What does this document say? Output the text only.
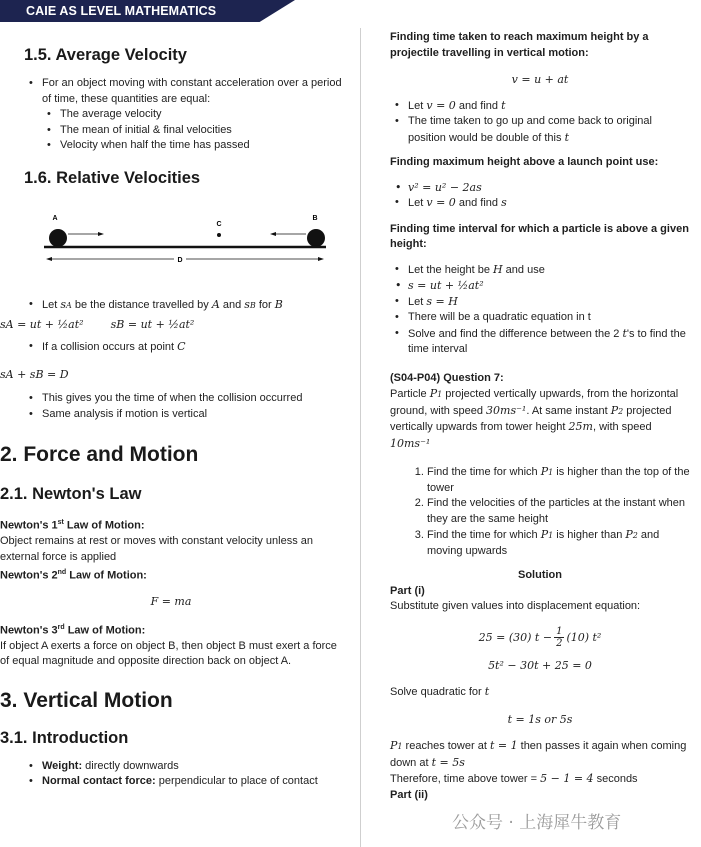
CAIE AS LEVEL MATHEMATICS
1.5. Average Velocity
• For an object moving with constant acceleration over a period of time, these quantities are equal:
• The average velocity
• The mean of initial & final velocities
• Velocity when half the time has passed
1.6. Relative Velocities
A	B
C
D
• Let sA be the distance travelled by A and sB for B
sA = ut + ½at² sB = ut + ½at²
• If a collision occurs at point C
sA + sB = D
• This gives you the time of when the collision occurred
• Same analysis if motion is vertical
2. Force and Motion
2.1. Newton's Law

Newton's 1st Law of Motion:

Object remains at rest or moves with constant velocity unless an external force is applied

Newton's 2nd Law of Motion:

F = ma

Newton's 3rd Law of Motion:

If object A exerts a force on object B, then object B must exert a force of equal magnitude and opposite direction back on object A.

3. Vertical Motion
3.1. Introduction
• Weight: directly downwards
• Normal contact force: perpendicular to place of contact

Finding time taken to reach maximum height by a projectile travelling in vertical motion:

v = u + at

• Let v = 0 and find t
• The time taken to go up and come back to original position would be double of this t

Finding maximum height above a launch point use:

• v² = u² − 2as
• Let v = 0 and find s

Finding time interval for which a particle is above a given height:

• Let the height be H and use
• s = ut + ½at²
• Let s = H
• There will be a quadratic equation in t
• Solve and find the difference between the 2 t's to find the time interval

(S04-P04) Question 7:

Particle P1 projected vertically upwards, from the horizontal ground, with speed 30ms⁻¹. At same instant P2 projected vertically upwards from tower height 25m, with speed 10ms⁻¹

1. Find the time for which P1 is higher than the top of the tower
2. Find the velocities of the particles at the instant when they are the same height
3. Find the time for which P1 is higher than P2 and moving upwards

Solution

Part (i)

Substitute given values into displacement equation:

25 = (30) $t - \frac{1}{2} (10)$ t²

5t² − 30t + 25 = 0

Solve quadratic for t

t = 1s or 5s

P1 reaches tower at t = 1 then passes it again when coming down at t = 5s

Therefore, time above tower = 5 − 1 = 4 seconds

Part (ii)

公众号 · 上海犀牛教育
